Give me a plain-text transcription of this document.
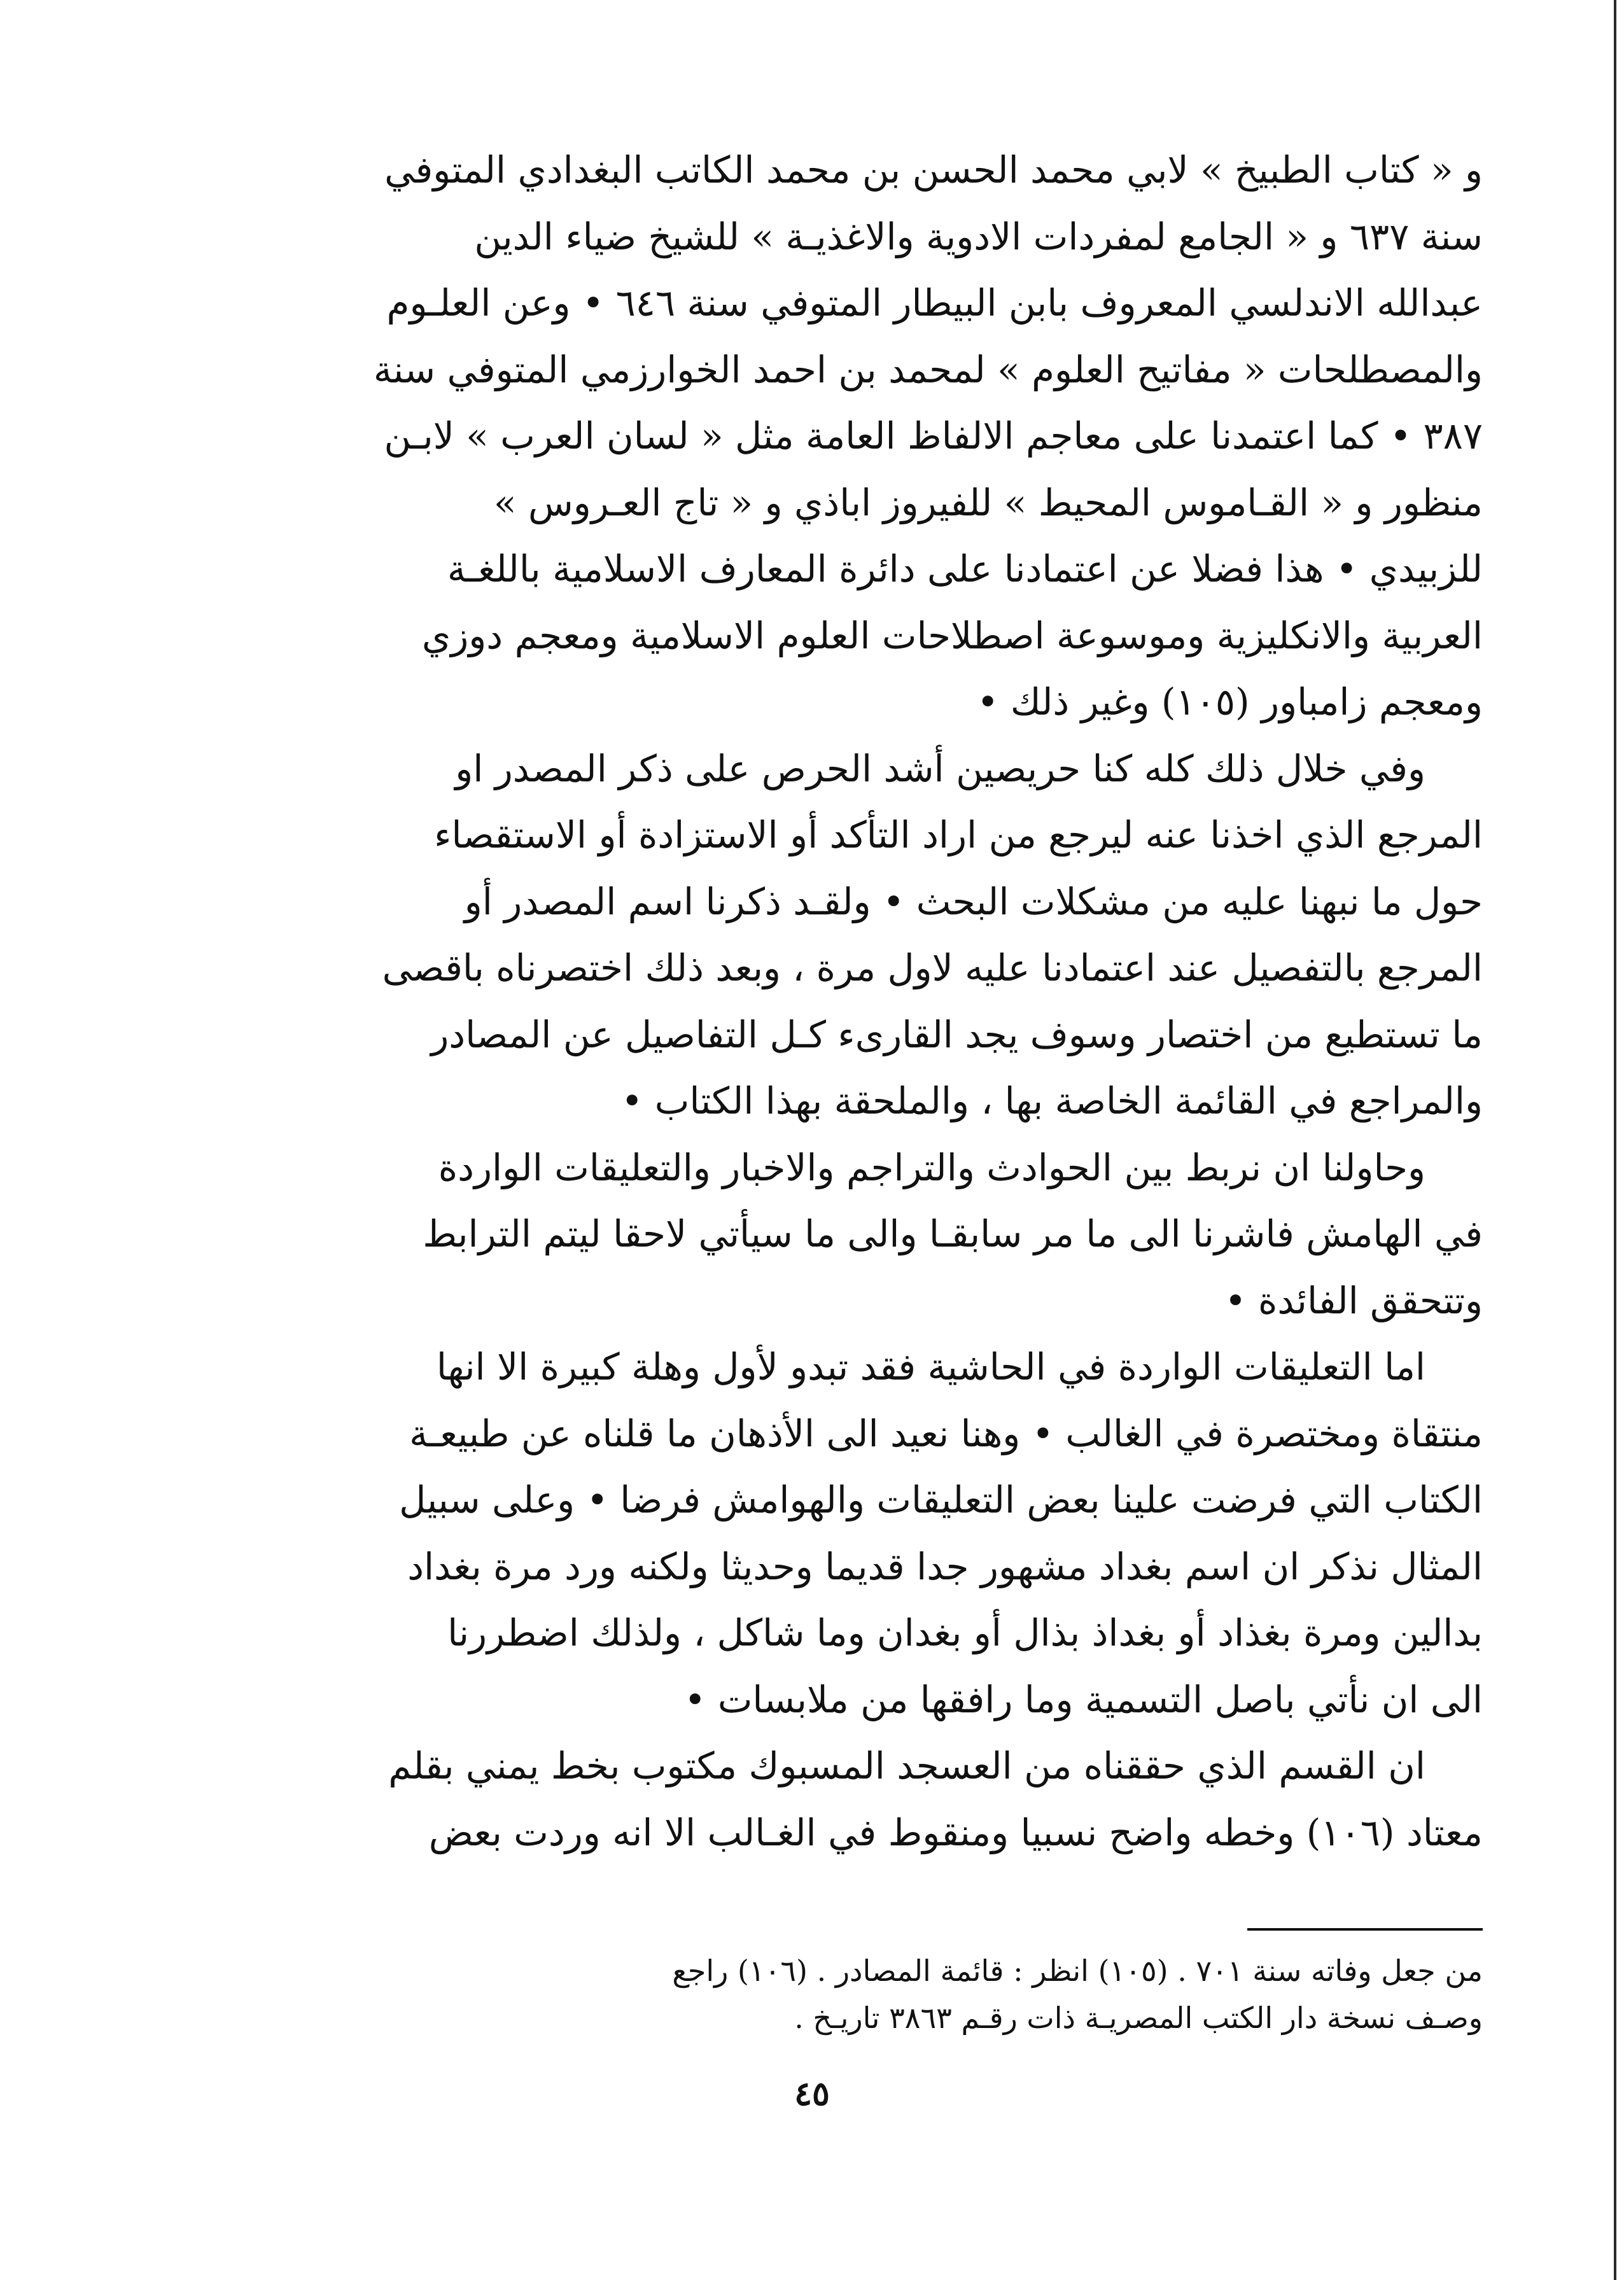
و « كتاب الطبيخ » لابي محمد الحسن بن محمد الكاتب البغدادي المتوفي
سنة ٦٣٧ و « الجامع لمفردات الادوية والاغذيـة » للشيخ ضياء الدين
عبدالله الاندلسي المعروف بابن البيطار المتوفي سنة ٦٤٦ • وعن العلـوم
والمصطلحات « مفاتيح العلوم » لمحمد بن احمد الخوارزمي المتوفي سنة
٣٨٧ • كما اعتمدنا على معاجم الالفاظ العامة مثل « لسان العرب » لابـن
منظور و « القـاموس المحيط » للفيروز اباذي و « تاج العـروس »
للزبيدي • هذا فضلا عن اعتمادنا على دائرة المعارف الاسلامية باللغـة
العربية والانكليزية وموسوعة اصطلاحات العلوم الاسلامية ومعجم دوزي
ومعجم زامباور (١٠٥) وغير ذلك •
وفي خلال ذلك كله كنا حريصين أشد الحرص على ذكر المصدر او
المرجع الذي اخذنا عنه ليرجع من اراد التأكد أو الاستزادة أو الاستقصاء
حول ما نبهنا عليه من مشكلات البحث • ولقـد ذكرنا اسم المصدر أو
المرجع بالتفصيل عند اعتمادنا عليه لاول مرة ، وبعد ذلك اختصرناه باقصى
ما تستطيع من اختصار وسوف يجد القارىء كـل التفاصيل عن المصادر
والمراجع في القائمة الخاصة بها ، والملحقة بهذا الكتاب •
وحاولنا ان نربط بين الحوادث والتراجم والاخبار والتعليقات الواردة
في الهامش فاشرنا الى ما مر سابقـا والى ما سيأتي لاحقا ليتم الترابط
وتتحقق الفائدة •
اما التعليقات الواردة في الحاشية فقد تبدو لأول وهلة كبيرة الا انها
منتقاة ومختصرة في الغالب • وهنا نعيد الى الأذهان ما قلناه عن طبيعـة
الكتاب التي فرضت علينا بعض التعليقات والهوامش فرضا • وعلى سبيل
المثال نذكر ان اسم بغداد مشهور جدا قديما وحديثا ولكنه ورد مرة بغداد
بدالين ومرة بغذاد أو بغداذ بذال أو بغدان وما شاكل ، ولذلك اضطررنا
الى ان نأتي باصل التسمية وما رافقها من ملابسات •
ان القسم الذي حققناه من العسجد المسبوك مكتوب بخط يمني بقلم
معتاد (١٠٦) وخطه واضح نسبيا ومنقوط في الغـالب الا انه وردت بعض
من جعل وفاته سنة ٧٠١ . (١٠٥) انظر : قائمة المصادر . (١٠٦) راجع
وصـف نسخة دار الكتب المصريـة ذات رقـم ٣٨٦٣ تاريـخ .
٤٥
